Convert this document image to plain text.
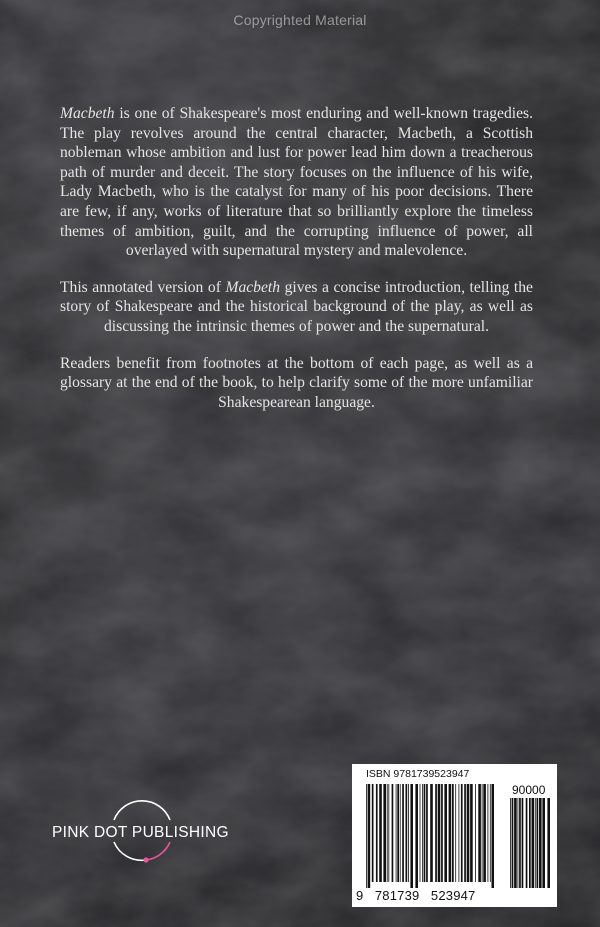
Copyrighted Material

Macbeth is one of Shakespeare's most enduring and well-known tragedies. The play revolves around the central character, Macbeth, a Scottish nobleman whose ambition and lust for power lead him down a treacherous path of murder and deceit. The story focuses on the influence of his wife, Lady Macbeth, who is the catalyst for many of his poor decisions. There are few, if any, works of literature that so brilliantly explore the timeless themes of ambition, guilt, and the corrupting influence of power, all overlayed with supernatural mystery and malevolence.

This annotated version of Macbeth gives a concise introduction, telling the story of Shakespeare and the historical background of the play, as well as discussing the intrinsic themes of power and the supernatural.

Readers benefit from footnotes at the bottom of each page, as well as a glossary at the end of the book, to help clarify some of the more unfamiliar Shakespearean language.

PINK DOT PUBLISHING
ISBN 9781739523947
90000
9 781739 523947
